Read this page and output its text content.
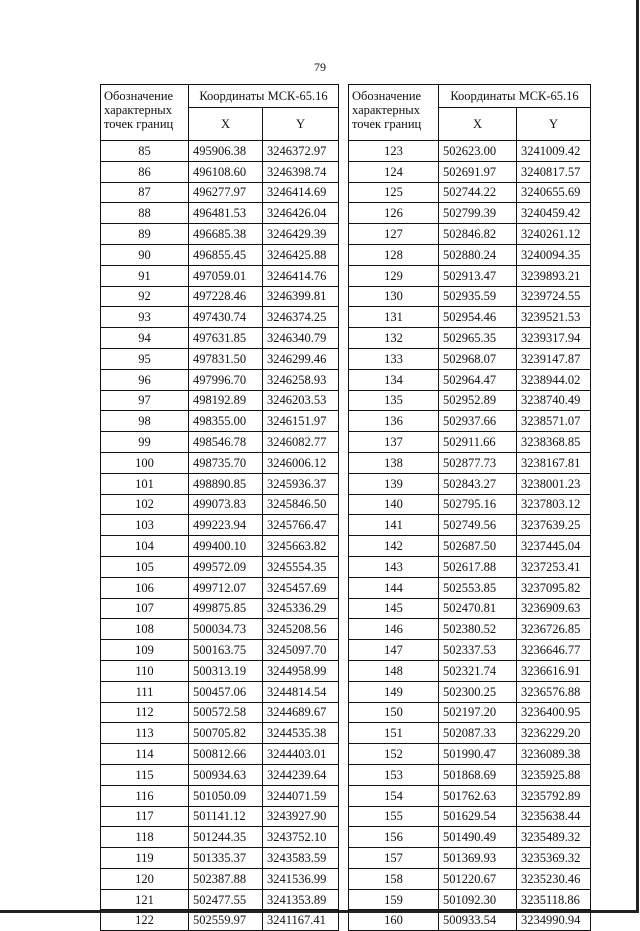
79
Обозначение характерных точек границ	Координаты МСК-65.16	
	X	Y
85	495906.38	3246372.97
86	496108.60	3246398.74
87	496277.97	3246414.69
88	496481.53	3246426.04
89	496685.38	3246429.39
90	496855.45	3246425.88
91	497059.01	3246414.76
92	497228.46	3246399.81
93	497430.74	3246374.25
94	497631.85	3246340.79
95	497831.50	3246299.46
96	497996.70	3246258.93
97	498192.89	3246203.53
98	498355.00	3246151.97
99	498546.78	3246082.77
100	498735.70	3246006.12
101	498890.85	3245936.37
102	499073.83	3245846.50
103	499223.94	3245766.47
104	499400.10	3245663.82
105	499572.09	3245554.35
106	499712.07	3245457.69
107	499875.85	3245336.29
108	500034.73	3245208.56
109	500163.75	3245097.70
110	500313.19	3244958.99
111	500457.06	3244814.54
112	500572.58	3244689.67
113	500705.82	3244535.38
114	500812.66	3244403.01
115	500934.63	3244239.64
116	501050.09	3244071.59
117	501141.12	3243927.90
118	501244.35	3243752.10
119	501335.37	3243583.59
120	502387.88	3241536.99
121	502477.55	3241353.89
122	502559.97	3241167.41
Обозначение характерных точек границ	Координаты МСК-65.16	
	X	Y
123	502623.00	3241009.42
124	502691.97	3240817.57
125	502744.22	3240655.69
126	502799.39	3240459.42
127	502846.82	3240261.12
128	502880.24	3240094.35
129	502913.47	3239893.21
130	502935.59	3239724.55
131	502954.46	3239521.53
132	502965.35	3239317.94
133	502968.07	3239147.87
134	502964.47	3238944.02
135	502952.89	3238740.49
136	502937.66	3238571.07
137	502911.66	3238368.85
138	502877.73	3238167.81
139	502843.27	3238001.23
140	502795.16	3237803.12
141	502749.56	3237639.25
142	502687.50	3237445.04
143	502617.88	3237253.41
144	502553.85	3237095.82
145	502470.81	3236909.63
146	502380.52	3236726.85
147	502337.53	3236646.77
148	502321.74	3236616.91
149	502300.25	3236576.88
150	502197.20	3236400.95
151	502087.33	3236229.20
152	501990.47	3236089.38
153	501868.69	3235925.88
154	501762.63	3235792.89
155	501629.54	3235638.44
156	501490.49	3235489.32
157	501369.93	3235369.32
158	501220.67	3235230.46
159	501092.30	3235118.86
160	500933.54	3234990.94
